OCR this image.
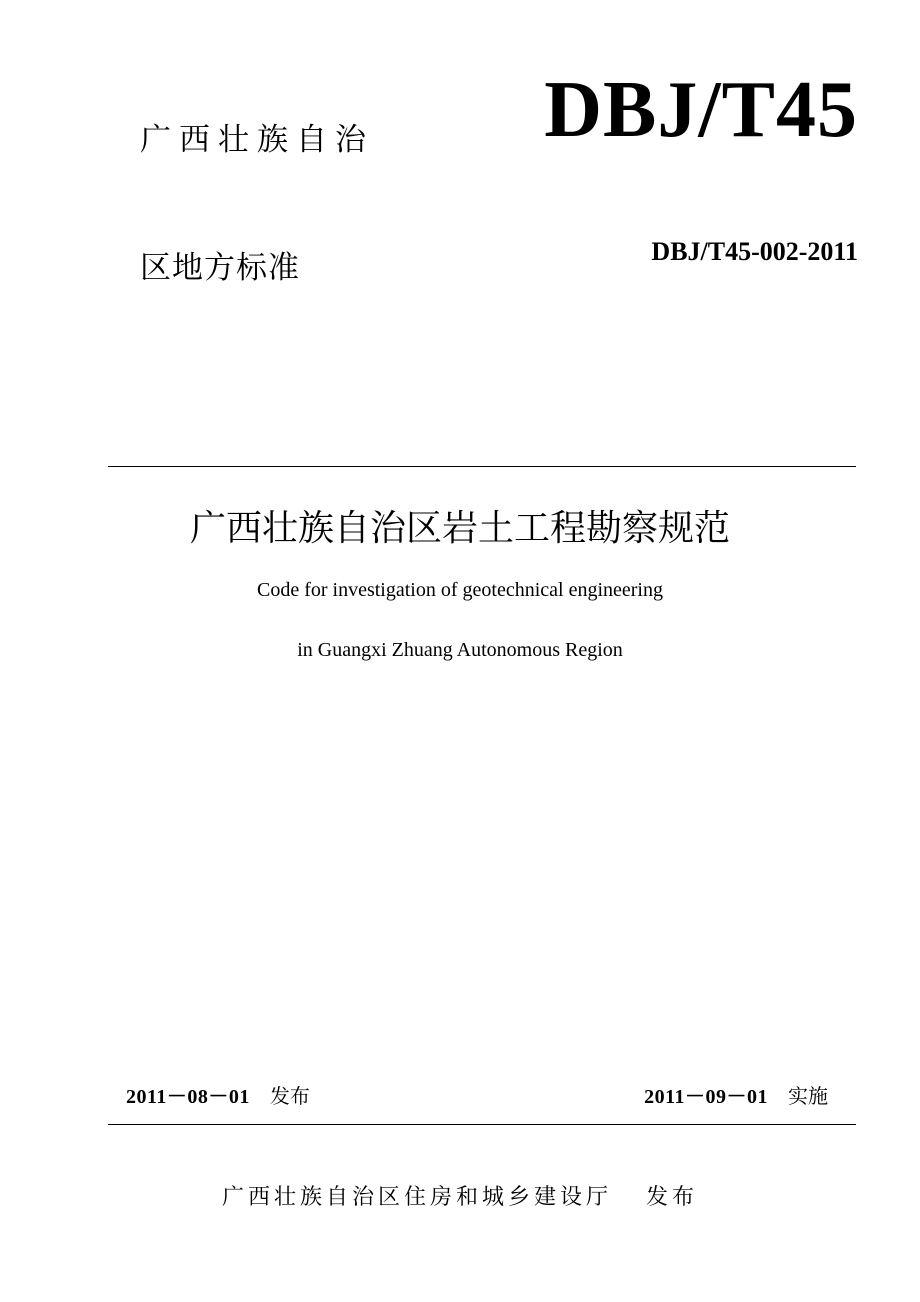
广西壮族自治 DBJ/T45
区地方标准	DBJ/T45-002-2011
广西壮族自治区岩土工程勘察规范
Code for investigation of geotechnical engineering
in Guangxi Zhuang Autonomous Region
2011－08－01 发布	2011－09－01 实施
广西壮族自治区住房和城乡建设厅 发布
